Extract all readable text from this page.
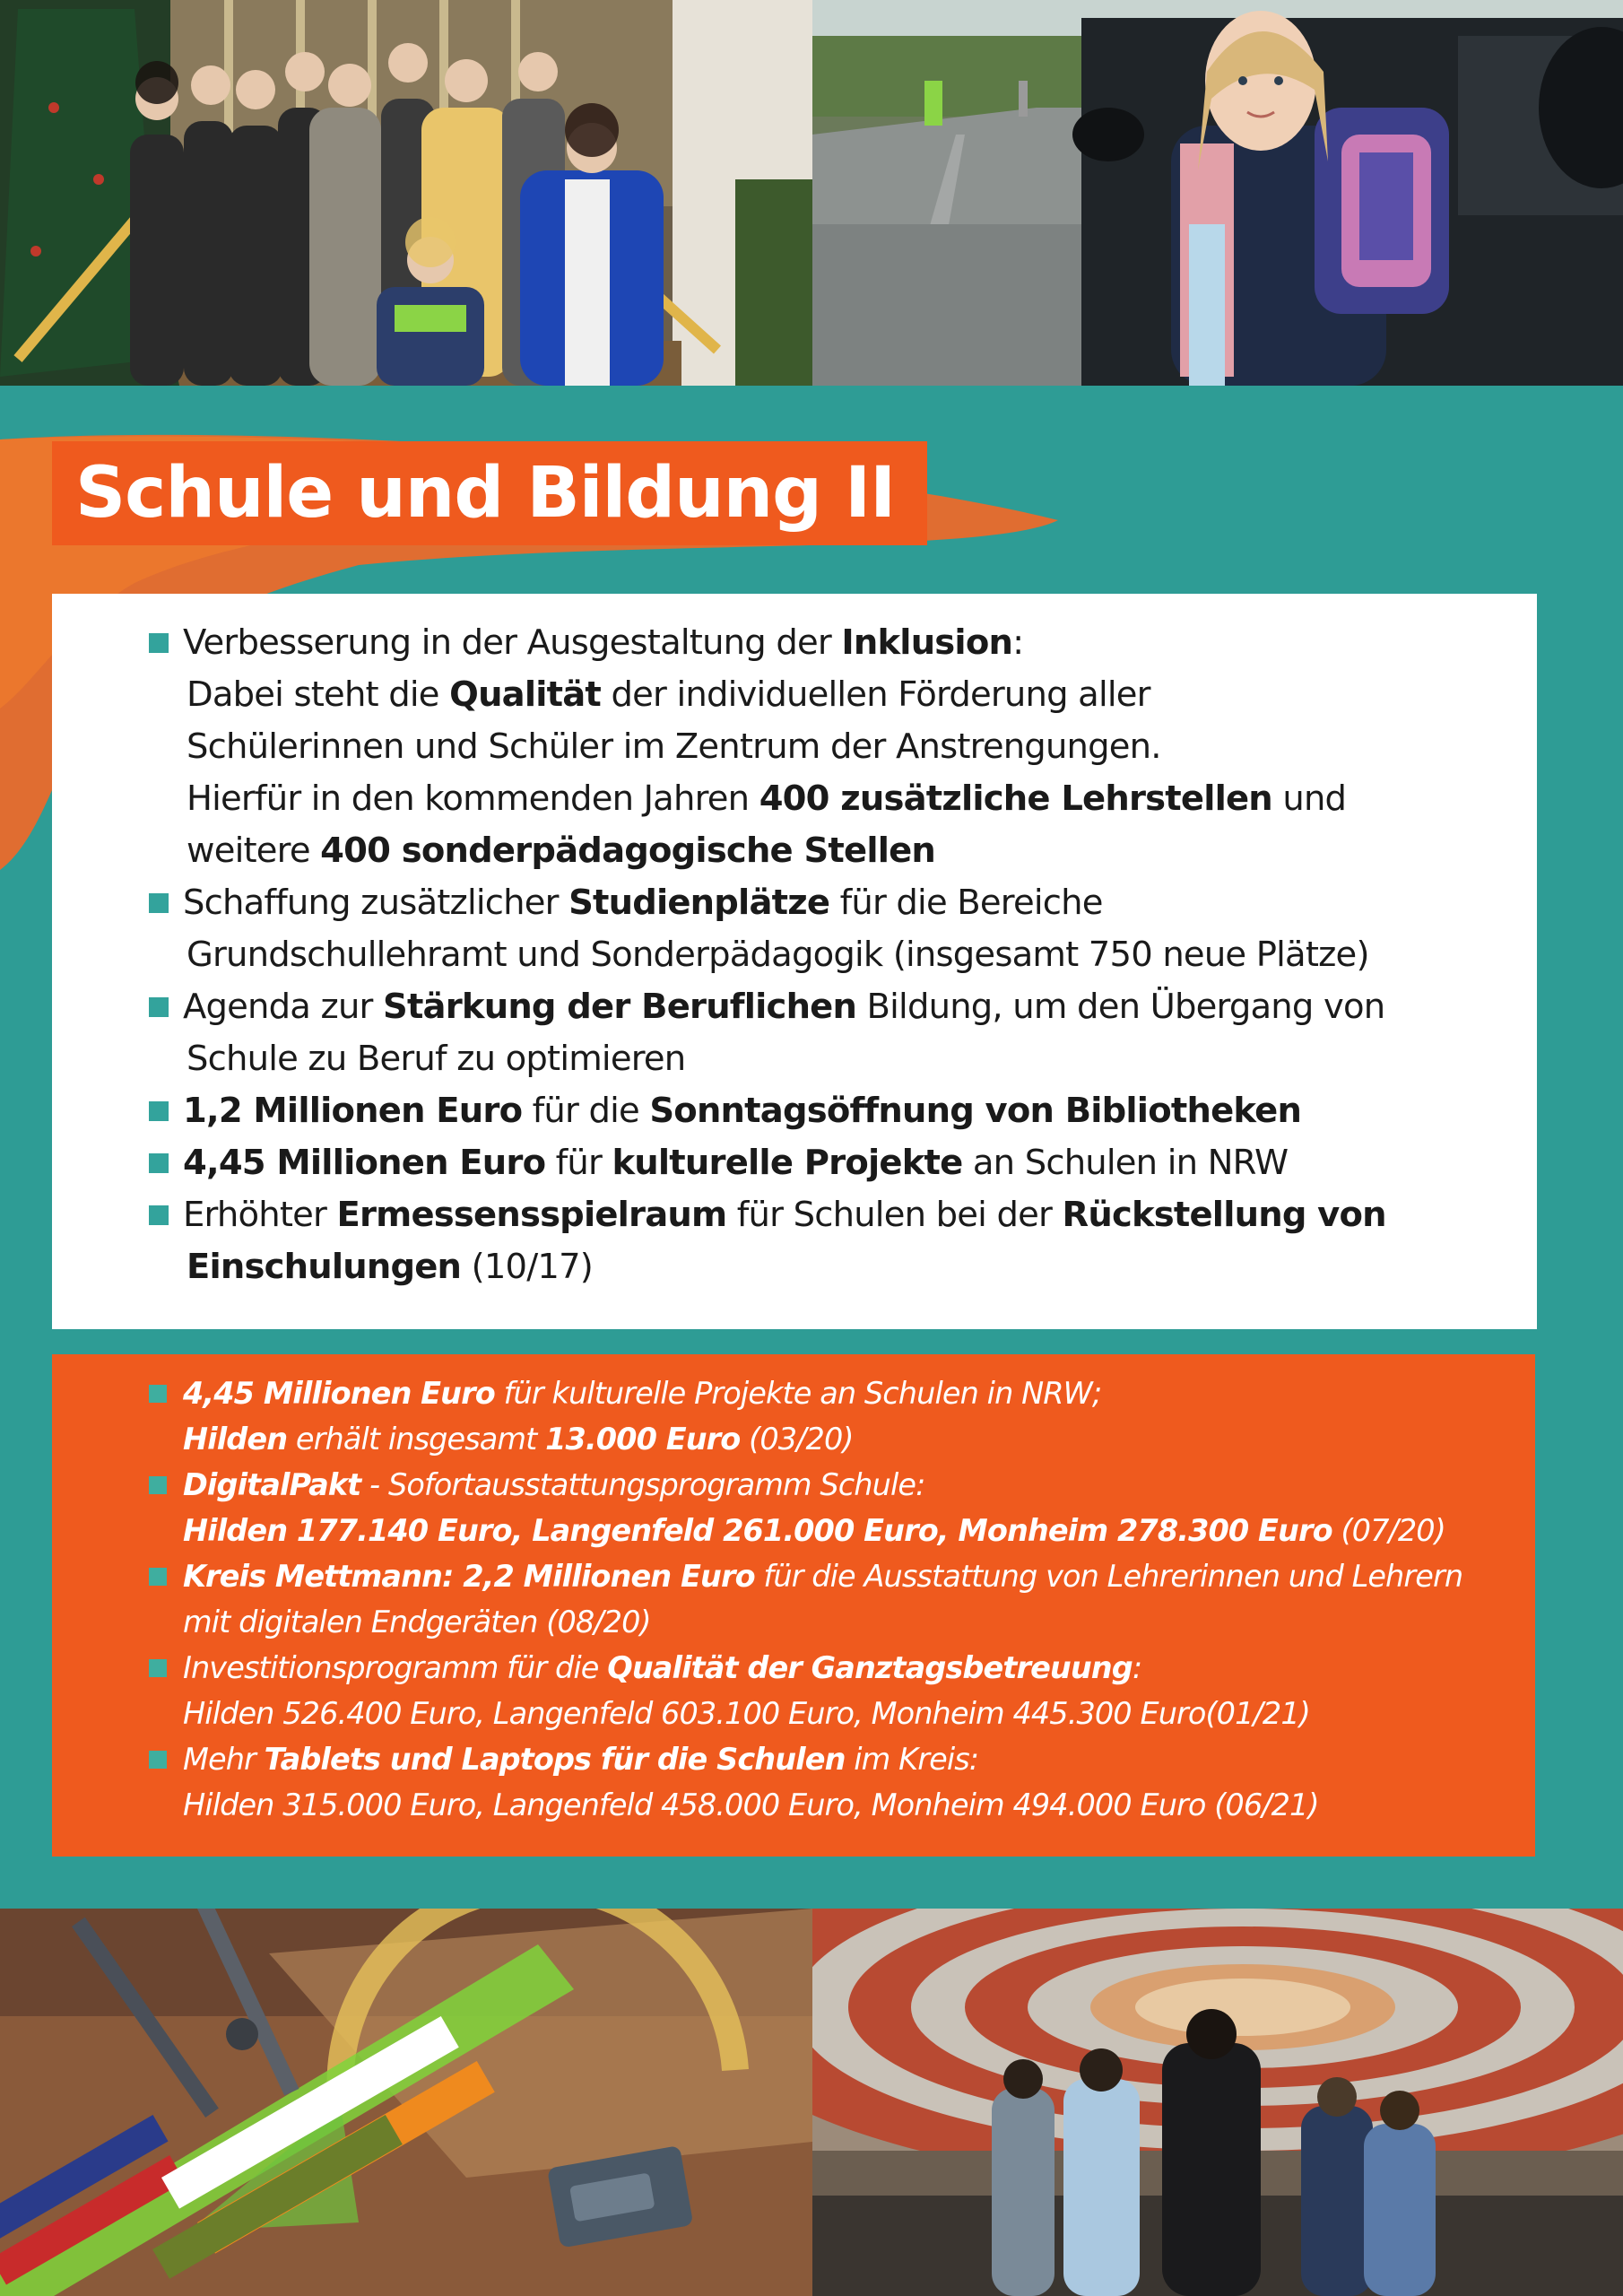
Schule und Bildung II
Verbesserung in der Ausgestaltung der Inklusion:
Dabei steht die Qualität der individuellen Förderung aller
Schülerinnen und Schüler im Zentrum der Anstrengungen.
Hierfür in den kommenden Jahren 400 zusätzliche Lehrstellen und
weitere 400 sonderpädagogische Stellen
Schaffung zusätzlicher Studienplätze für die Bereiche
Grundschullehramt und Sonderpädagogik (insgesamt 750 neue Plätze)
Agenda zur Stärkung der Beruflichen Bildung, um den Übergang von
Schule zu Beruf zu optimieren
1,2 Millionen Euro für die Sonntagsöffnung von Bibliotheken
4,45 Millionen Euro für kulturelle Projekte an Schulen in NRW
Erhöhter Ermessensspielraum für Schulen bei der Rückstellung von
Einschulungen (10/17)
4,45 Millionen Euro für kulturelle Projekte an Schulen in NRW;
Hilden erhält insgesamt 13.000 Euro (03/20)
DigitalPakt - Sofortausstattungsprogramm Schule:
Hilden 177.140 Euro, Langenfeld 261.000 Euro, Monheim 278.300 Euro (07/20)
Kreis Mettmann: 2,2 Millionen Euro für die Ausstattung von Lehrerinnen und Lehrern
mit digitalen Endgeräten (08/20)
Investitionsprogramm für die Qualität der Ganztagsbetreuung:
Hilden 526.400 Euro, Langenfeld 603.100 Euro, Monheim 445.300 Euro(01/21)
Mehr Tablets und Laptops für die Schulen im Kreis:
Hilden 315.000 Euro, Langenfeld 458.000 Euro, Monheim 494.000 Euro (06/21)
